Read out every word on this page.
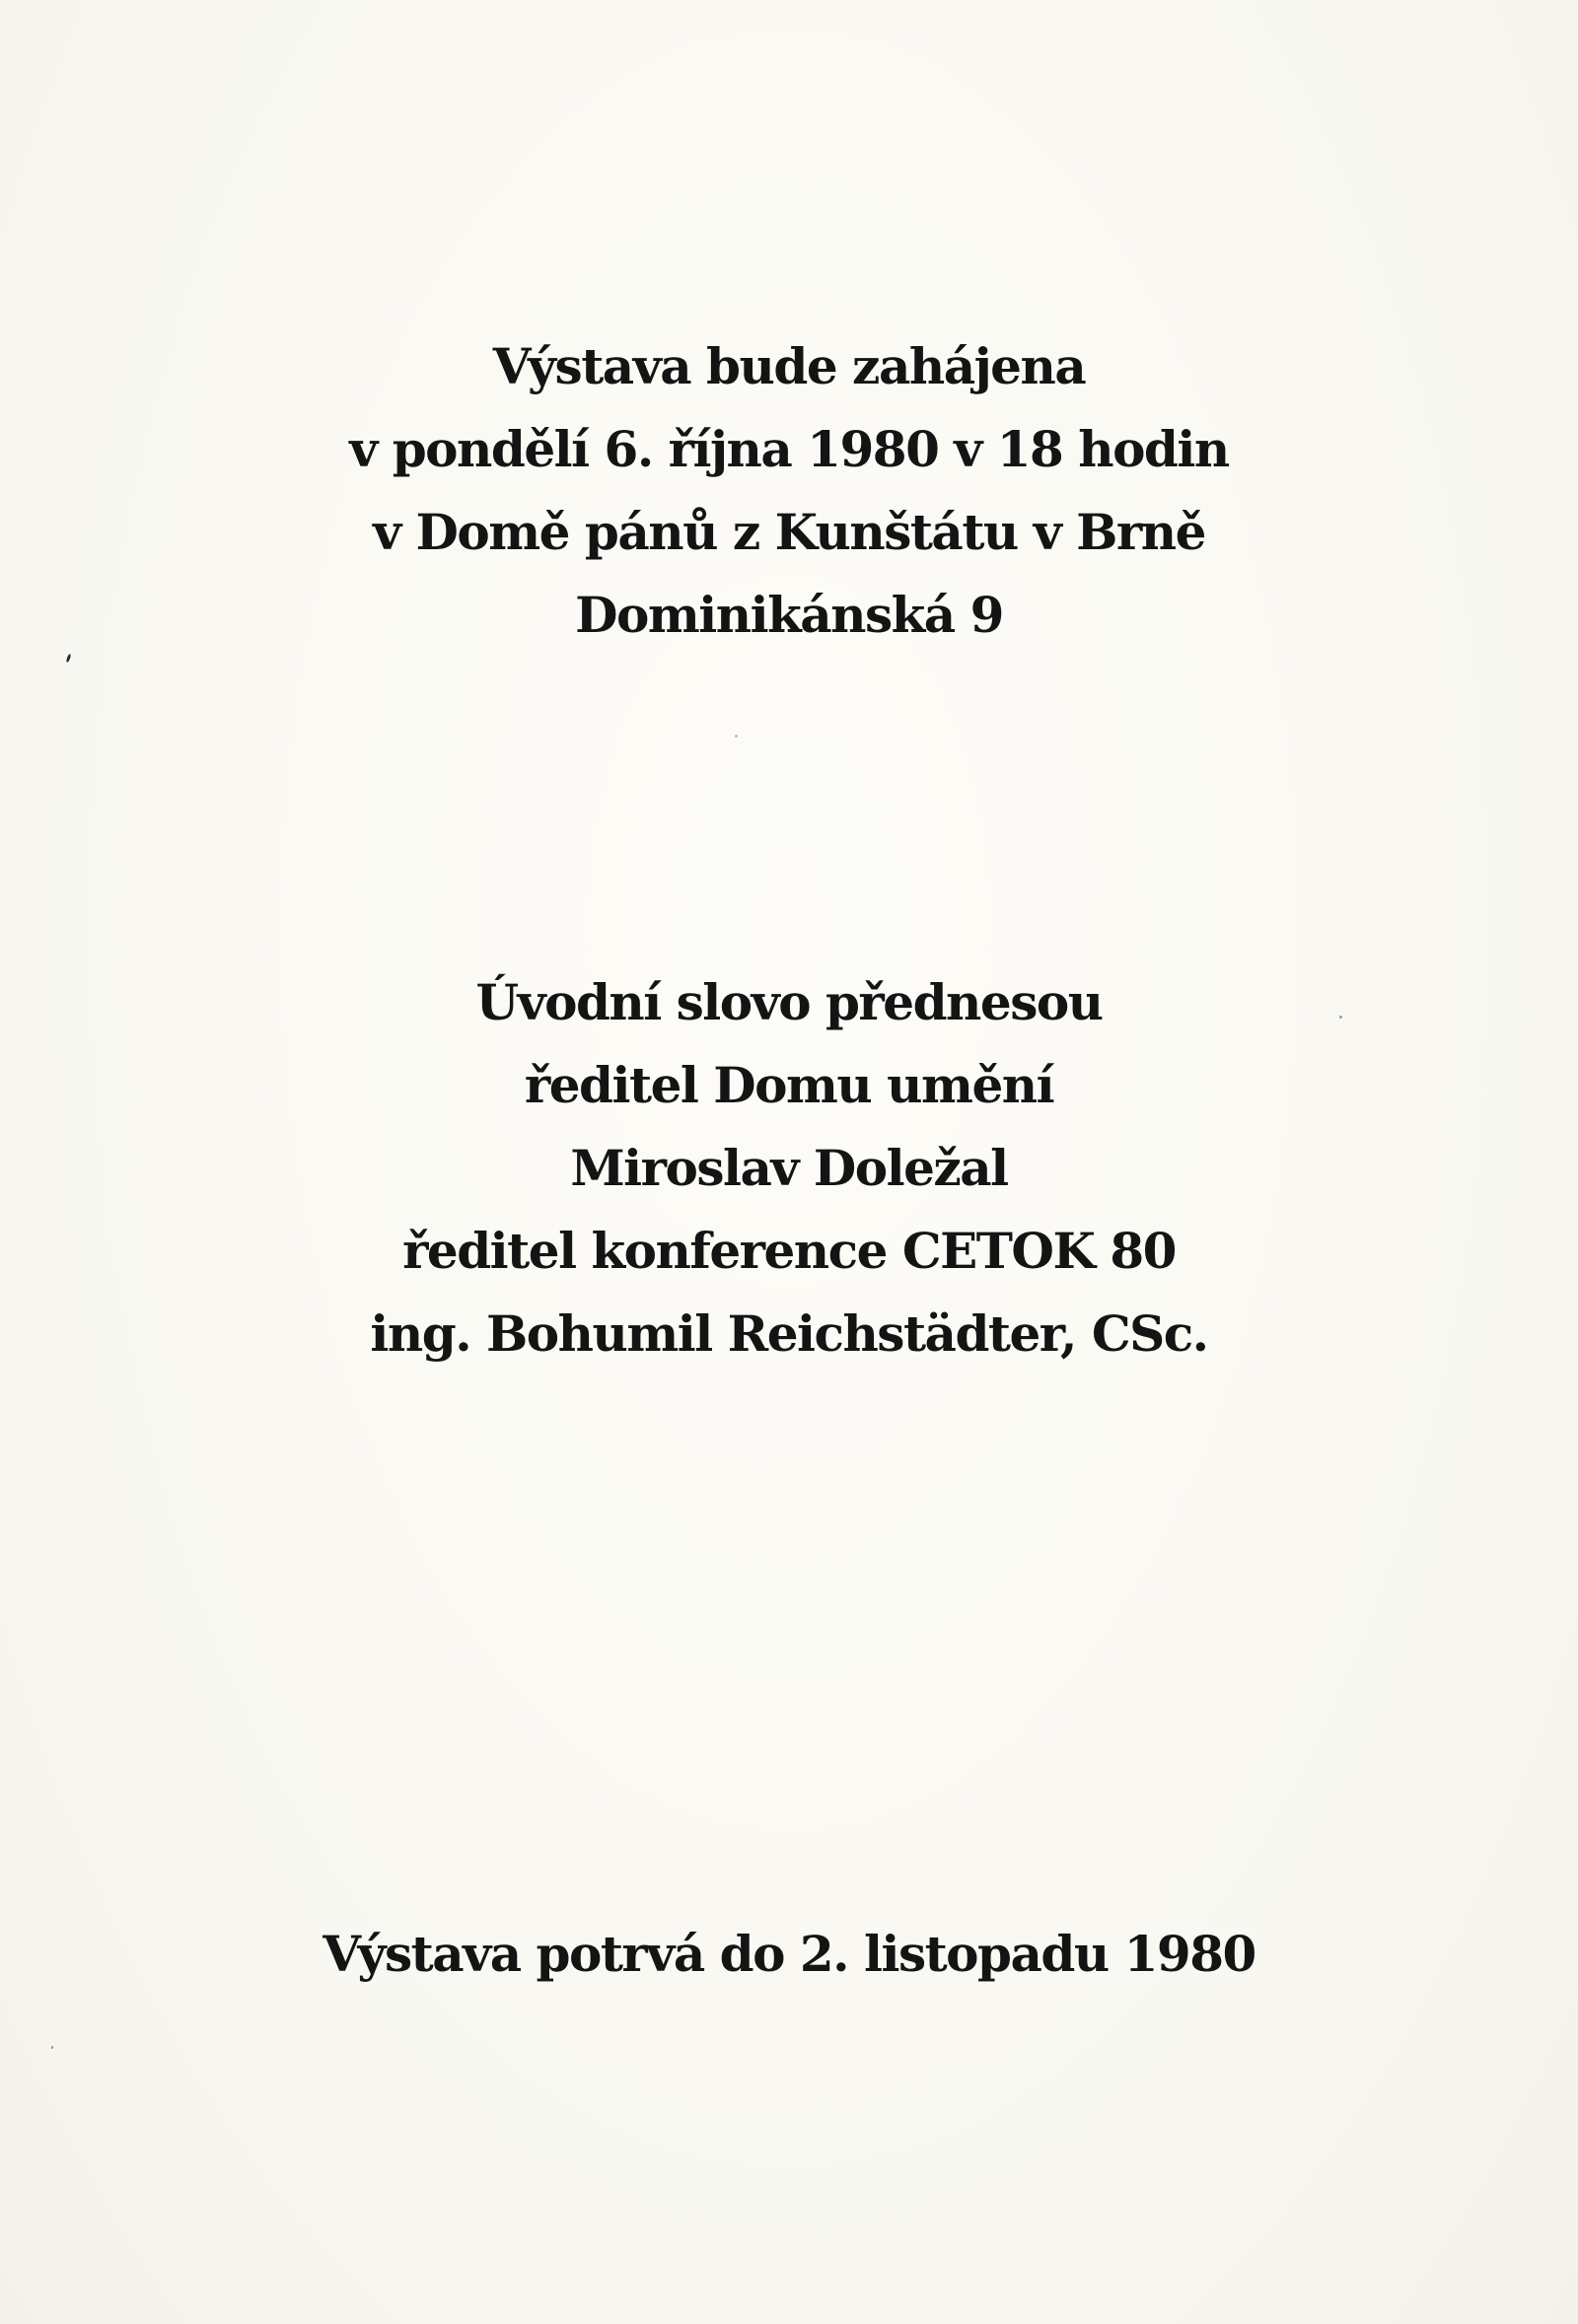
Výstava bude zahájena
v pondělí 6. října 1980 v 18 hodin
v Domě pánů z Kunštátu v Brně
Dominikánská 9
Úvodní slovo přednesou
ředitel Domu umění
Miroslav Doležal
ředitel konference CETOK 80
ing. Bohumil Reichstädter, CSc.
Výstava potrvá do 2. listopadu 1980
